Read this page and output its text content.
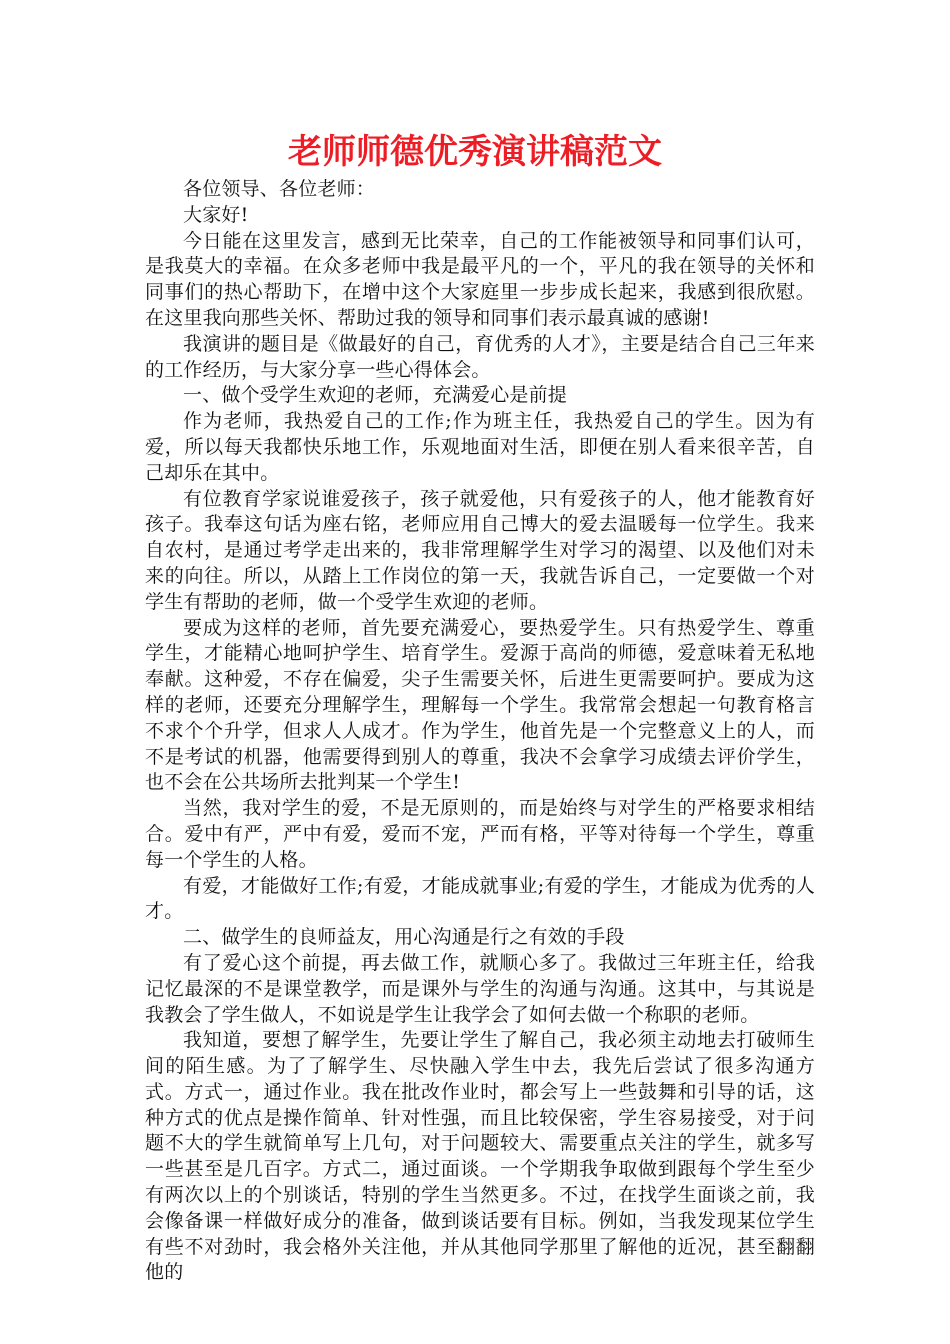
老师师德优秀演讲稿范文

各位领导、各位老师：

大家好!

今日能在这里发言，感到无比荣幸，自己的工作能被领导和同事们认可，是我莫大的幸福。在众多老师中我是最平凡的一个，平凡的我在领导的关怀和同事们的热心帮助下，在增中这个大家庭里一步步成长起来，我感到很欣慰。在这里我向那些关怀、帮助过我的领导和同事们表示最真诚的感谢!

我演讲的题目是《做最好的自己，育优秀的人才》，主要是结合自己三年来的工作经历，与大家分享一些心得体会。

一、做个受学生欢迎的老师，充满爱心是前提

作为老师，我热爱自己的工作;作为班主任，我热爱自己的学生。因为有爱，所以每天我都快乐地工作，乐观地面对生活，即便在别人看来很辛苦，自己却乐在其中。

有位教育学家说谁爱孩子，孩子就爱他，只有爱孩子的人，他才能教育好孩子。我奉这句话为座右铭，老师应用自己博大的爱去温暖每一位学生。我来自农村，是通过考学走出来的，我非常理解学生对学习的渴望、以及他们对未来的向往。所以，从踏上工作岗位的第一天，我就告诉自己，一定要做一个对学生有帮助的老师，做一个受学生欢迎的老师。

要成为这样的老师，首先要充满爱心，要热爱学生。只有热爱学生、尊重学生，才能精心地呵护学生、培育学生。爱源于高尚的师德，爱意味着无私地奉献。这种爱，不存在偏爱，尖子生需要关怀，后进生更需要呵护。要成为这样的老师，还要充分理解学生，理解每一个学生。我常常会想起一句教育格言不求个个升学，但求人人成才。作为学生，他首先是一个完整意义上的人，而不是考试的机器，他需要得到别人的尊重，我决不会拿学习成绩去评价学生，也不会在公共场所去批判某一个学生!

当然，我对学生的爱，不是无原则的，而是始终与对学生的严格要求相结合。爱中有严，严中有爱，爱而不宠，严而有格，平等对待每一个学生，尊重每一个学生的人格。

有爱，才能做好工作;有爱，才能成就事业;有爱的学生，才能成为优秀的人才。

二、做学生的良师益友，用心沟通是行之有效的手段

有了爱心这个前提，再去做工作，就顺心多了。我做过三年班主任，给我记忆最深的不是课堂教学，而是课外与学生的沟通与沟通。这其中，与其说是我教会了学生做人，不如说是学生让我学会了如何去做一个称职的老师。

我知道，要想了解学生，先要让学生了解自己，我必须主动地去打破师生间的陌生感。为了了解学生、尽快融入学生中去，我先后尝试了很多沟通方式。方式一，通过作业。我在批改作业时，都会写上一些鼓舞和引导的话，这种方式的优点是操作简单、针对性强，而且比较保密，学生容易接受，对于问题不大的学生就简单写上几句，对于问题较大、需要重点关注的学生，就多写一些甚至是几百字。方式二，通过面谈。一个学期我争取做到跟每个学生至少有两次以上的个别谈话，特别的学生当然更多。不过，在找学生面谈之前，我会像备课一样做好成分的准备，做到谈话要有目标。例如，当我发现某位学生有些不对劲时，我会格外关注他，并从其他同学那里了解他的近况，甚至翻翻他的
